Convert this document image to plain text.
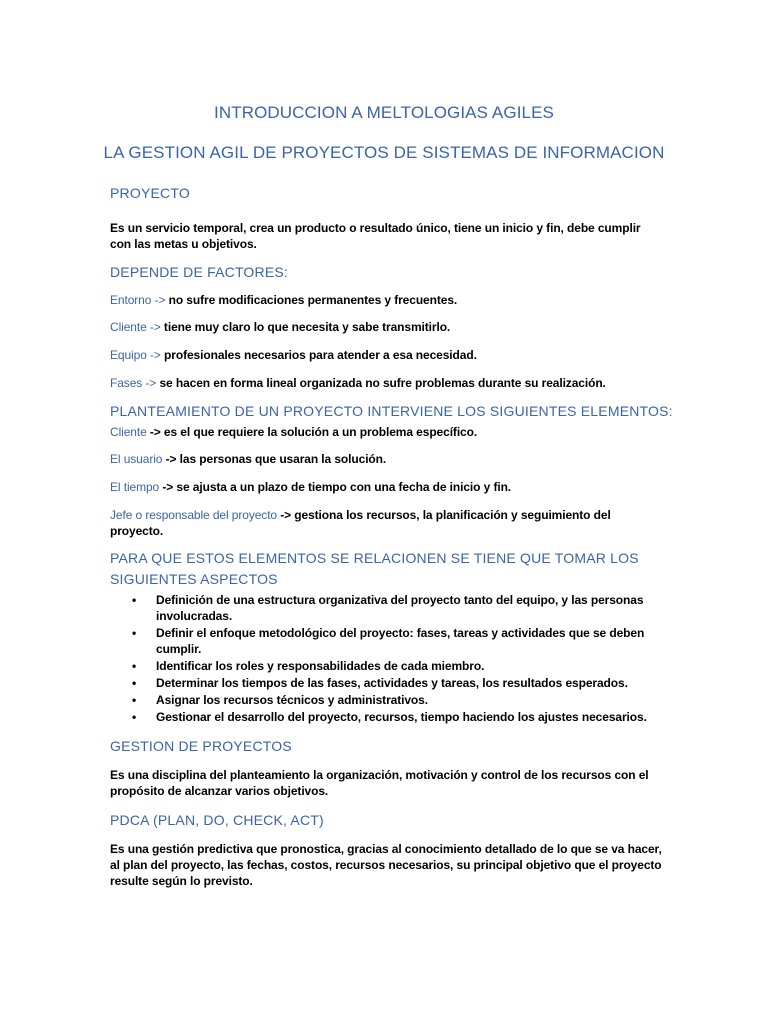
INTRODUCCION A MELTOLOGIAS AGILES
LA GESTION AGIL DE PROYECTOS DE SISTEMAS DE INFORMACION
PROYECTO
Es un servicio temporal, crea un producto o resultado único, tiene un inicio y fin, debe cumplir con las metas u objetivos.
DEPENDE DE FACTORES:
Entorno -> no sufre modificaciones permanentes y frecuentes.
Cliente -> tiene muy claro lo que necesita y sabe transmitirlo.
Equipo -> profesionales necesarios para atender a esa necesidad.
Fases -> se hacen en forma lineal organizada no sufre problemas durante su realización.
PLANTEAMIENTO DE UN PROYECTO INTERVIENE LOS SIGUIENTES ELEMENTOS:
Cliente -> es el que requiere la solución a un problema específico.
El usuario -> las personas que usaran la solución.
El tiempo -> se ajusta a un plazo de tiempo con una fecha de inicio y fin.
Jefe o responsable del proyecto -> gestiona los recursos, la planificación y seguimiento del proyecto.
PARA QUE ESTOS ELEMENTOS SE RELACIONEN SE TIENE QUE TOMAR LOS
SIGUIENTES ASPECTOS
• Definición de una estructura organizativa del proyecto tanto del equipo, y las personas involucradas.
• Definir el enfoque metodológico del proyecto: fases, tareas y actividades que se deben cumplir.
• Identificar los roles y responsabilidades de cada miembro.
• Determinar los tiempos de las fases, actividades y tareas, los resultados esperados.
• Asignar los recursos técnicos y administrativos.
• Gestionar el desarrollo del proyecto, recursos, tiempo haciendo los ajustes necesarios.
GESTION DE PROYECTOS
Es una disciplina del planteamiento la organización, motivación y control de los recursos con el propósito de alcanzar varios objetivos.
PDCA (PLAN, DO, CHECK, ACT)
Es una gestión predictiva que pronostica, gracias al conocimiento detallado de lo que se va hacer, al plan del proyecto, las fechas, costos, recursos necesarios, su principal objetivo que el proyecto resulte según lo previsto.
